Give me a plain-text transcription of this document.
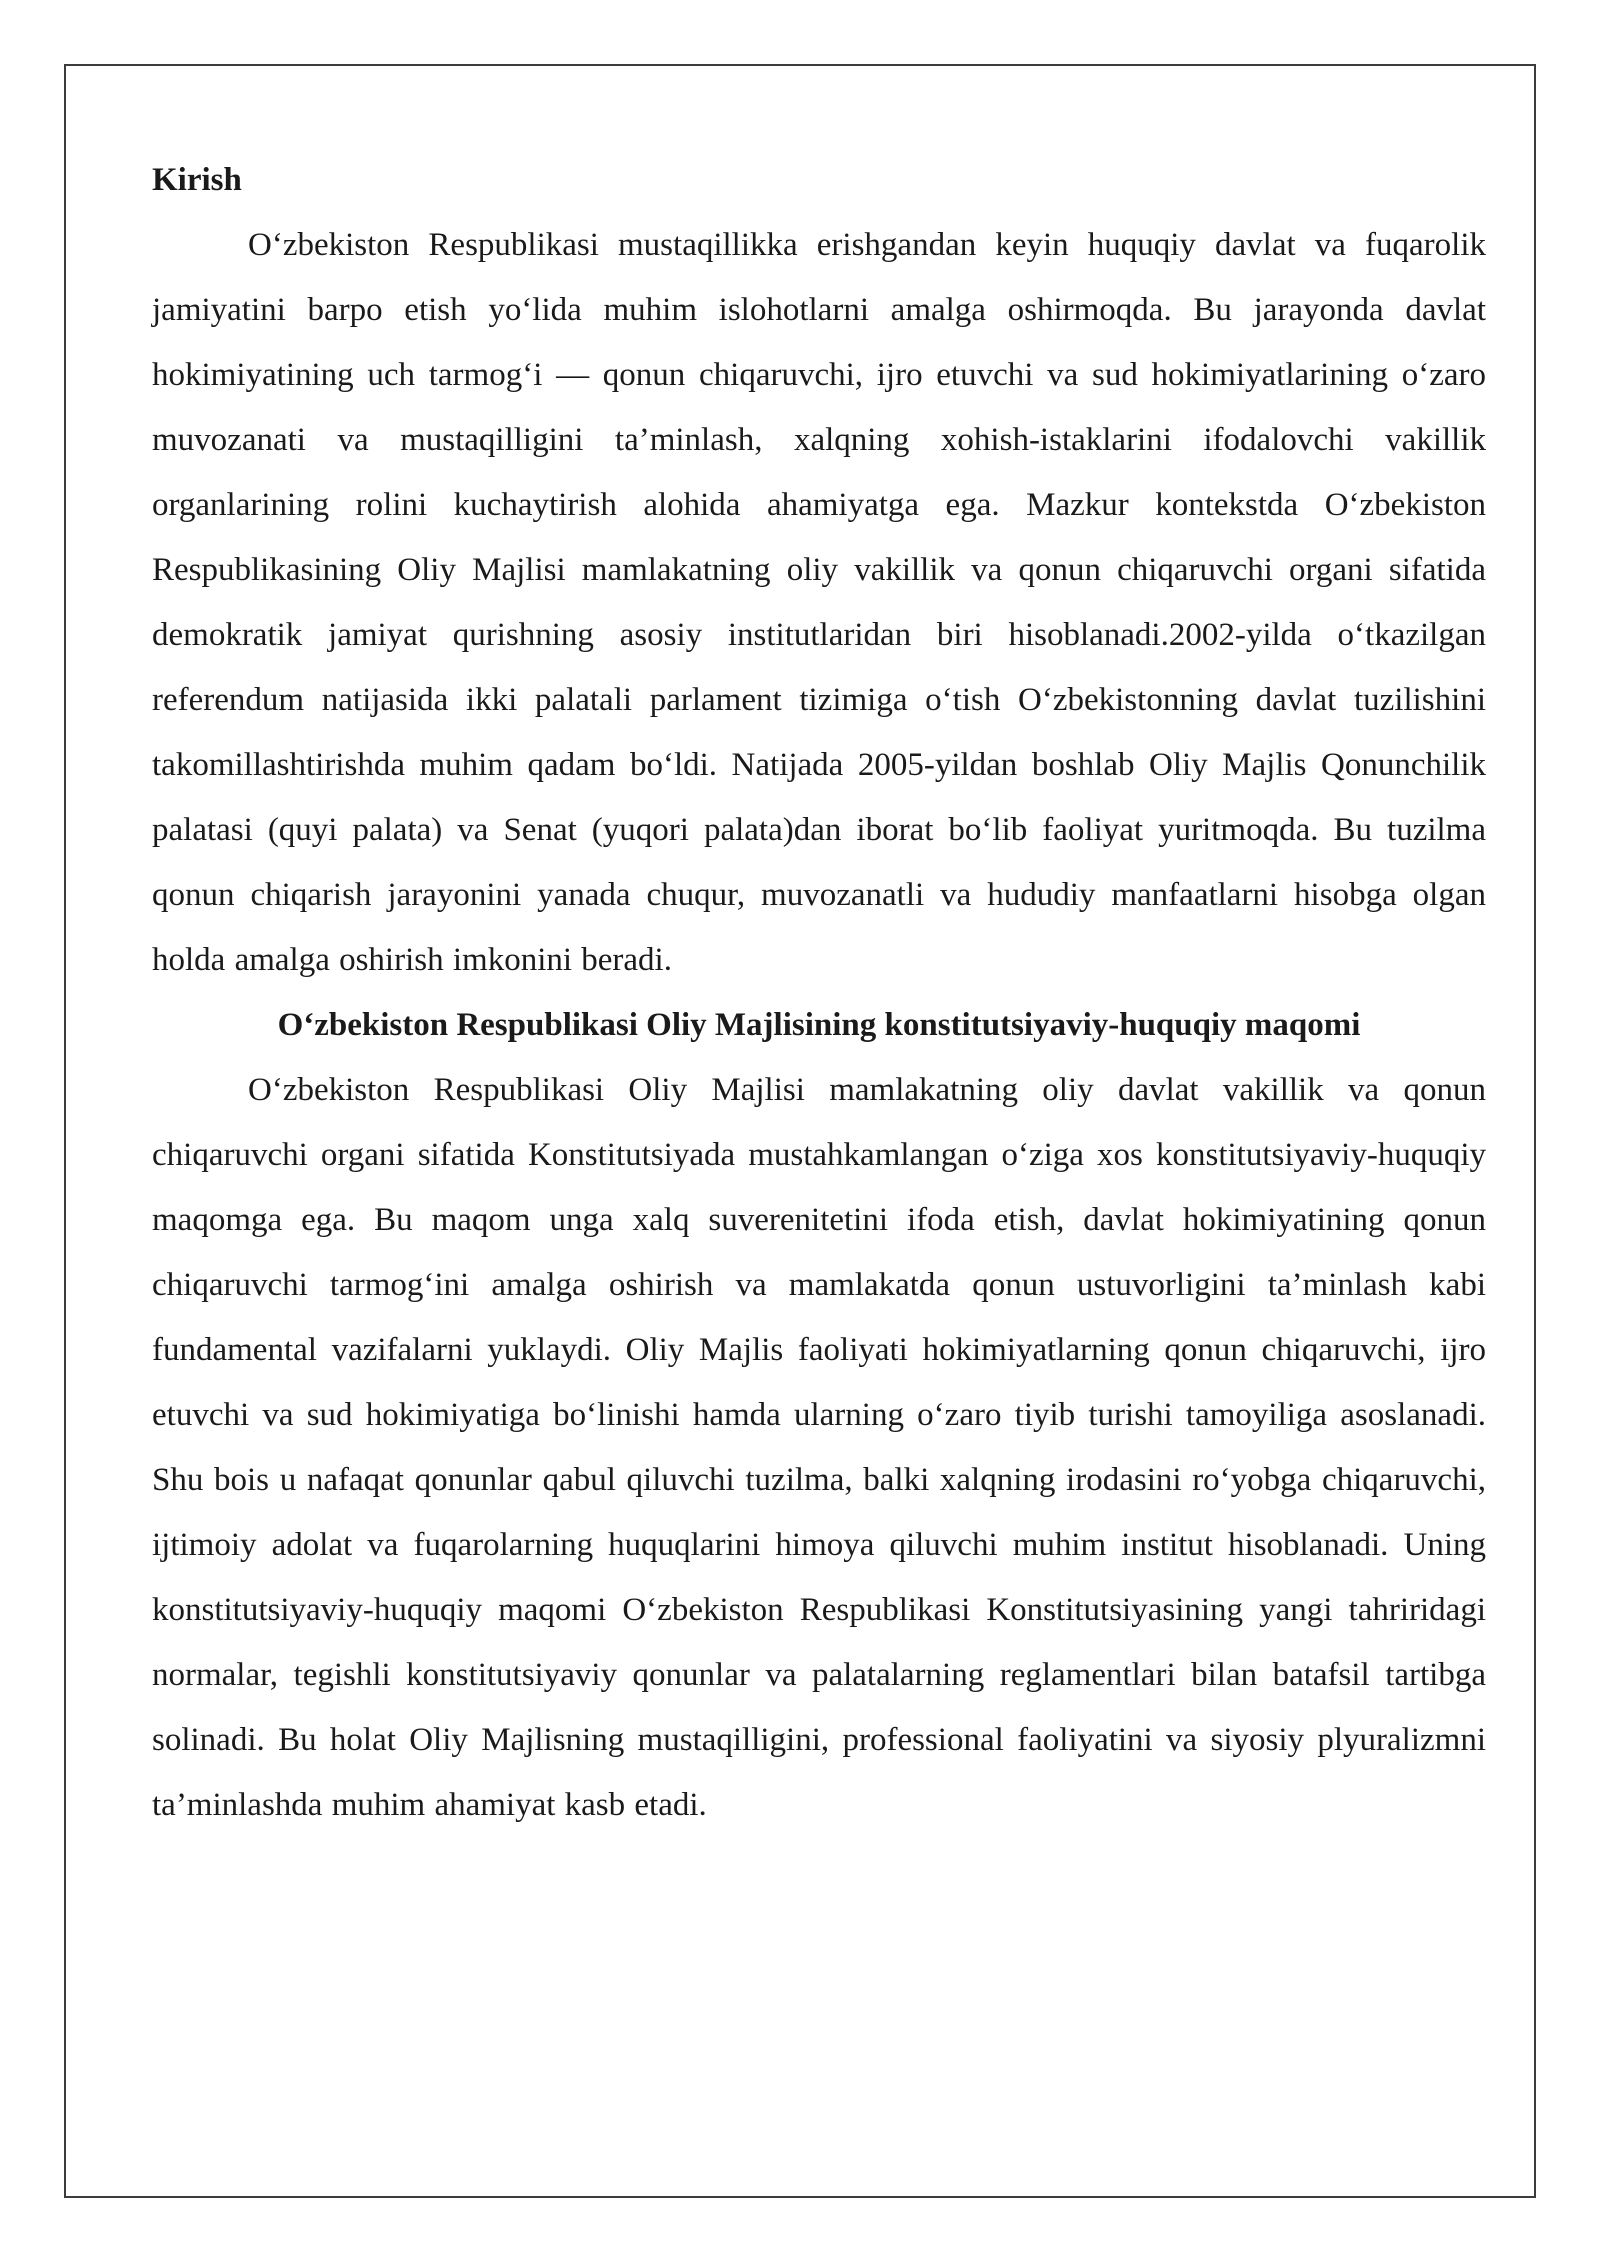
Kirish

O‘zbekiston Respublikasi mustaqillikka erishgandan keyin huquqiy davlat va fuqarolik jamiyatini barpo etish yo‘lida muhim islohotlarni amalga oshirmoqda. Bu jarayonda davlat hokimiyatining uch tarmog‘i — qonun chiqaruvchi, ijro etuvchi va sud hokimiyatlarining o‘zaro muvozanati va mustaqilligini ta’minlash, xalqning xohish-istaklarini ifodalovchi vakillik organlarining rolini kuchaytirish alohida ahamiyatga ega. Mazkur kontekstda O‘zbekiston Respublikasining Oliy Majlisi mamlakatning oliy vakillik va qonun chiqaruvchi organi sifatida demokratik jamiyat qurishning asosiy institutlaridan biri hisoblanadi.2002-yilda o‘tkazilgan referendum natijasida ikki palatali parlament tizimiga o‘tish O‘zbekistonning davlat tuzilishini takomillashtirishda muhim qadam bo‘ldi. Natijada 2005-yildan boshlab Oliy Majlis Qonunchilik palatasi (quyi palata) va Senat (yuqori palata)dan iborat bo‘lib faoliyat yuritmoqda. Bu tuzilma qonun chiqarish jarayonini yanada chuqur, muvozanatli va hududiy manfaatlarni hisobga olgan holda amalga oshirish imkonini beradi.

O‘zbekiston Respublikasi Oliy Majlisining konstitutsiyaviy-huquqiy maqomi

O‘zbekiston Respublikasi Oliy Majlisi mamlakatning oliy davlat vakillik va qonun chiqaruvchi organi sifatida Konstitutsiyada mustahkamlangan o‘ziga xos konstitutsiyaviy-huquqiy maqomga ega. Bu maqom unga xalq suverenitetini ifoda etish, davlat hokimiyatining qonun chiqaruvchi tarmog‘ini amalga oshirish va mamlakatda qonun ustuvorligini ta’minlash kabi fundamental vazifalarni yuklaydi. Oliy Majlis faoliyati hokimiyatlarning qonun chiqaruvchi, ijro etuvchi va sud hokimiyatiga bo‘linishi hamda ularning o‘zaro tiyib turishi tamoyiliga asoslanadi. Shu bois u nafaqat qonunlar qabul qiluvchi tuzilma, balki xalqning irodasini ro‘yobga chiqaruvchi, ijtimoiy adolat va fuqarolarning huquqlarini himoya qiluvchi muhim institut hisoblanadi. Uning konstitutsiyaviy-huquqiy maqomi O‘zbekiston Respublikasi Konstitutsiyasining yangi tahriridagi normalar, tegishli konstitutsiyaviy qonunlar va palatalarning reglamentlari bilan batafsil tartibga solinadi. Bu holat Oliy Majlisning mustaqilligini, professional faoliyatini va siyosiy plyuralizmni ta’minlashda muhim ahamiyat kasb etadi.
